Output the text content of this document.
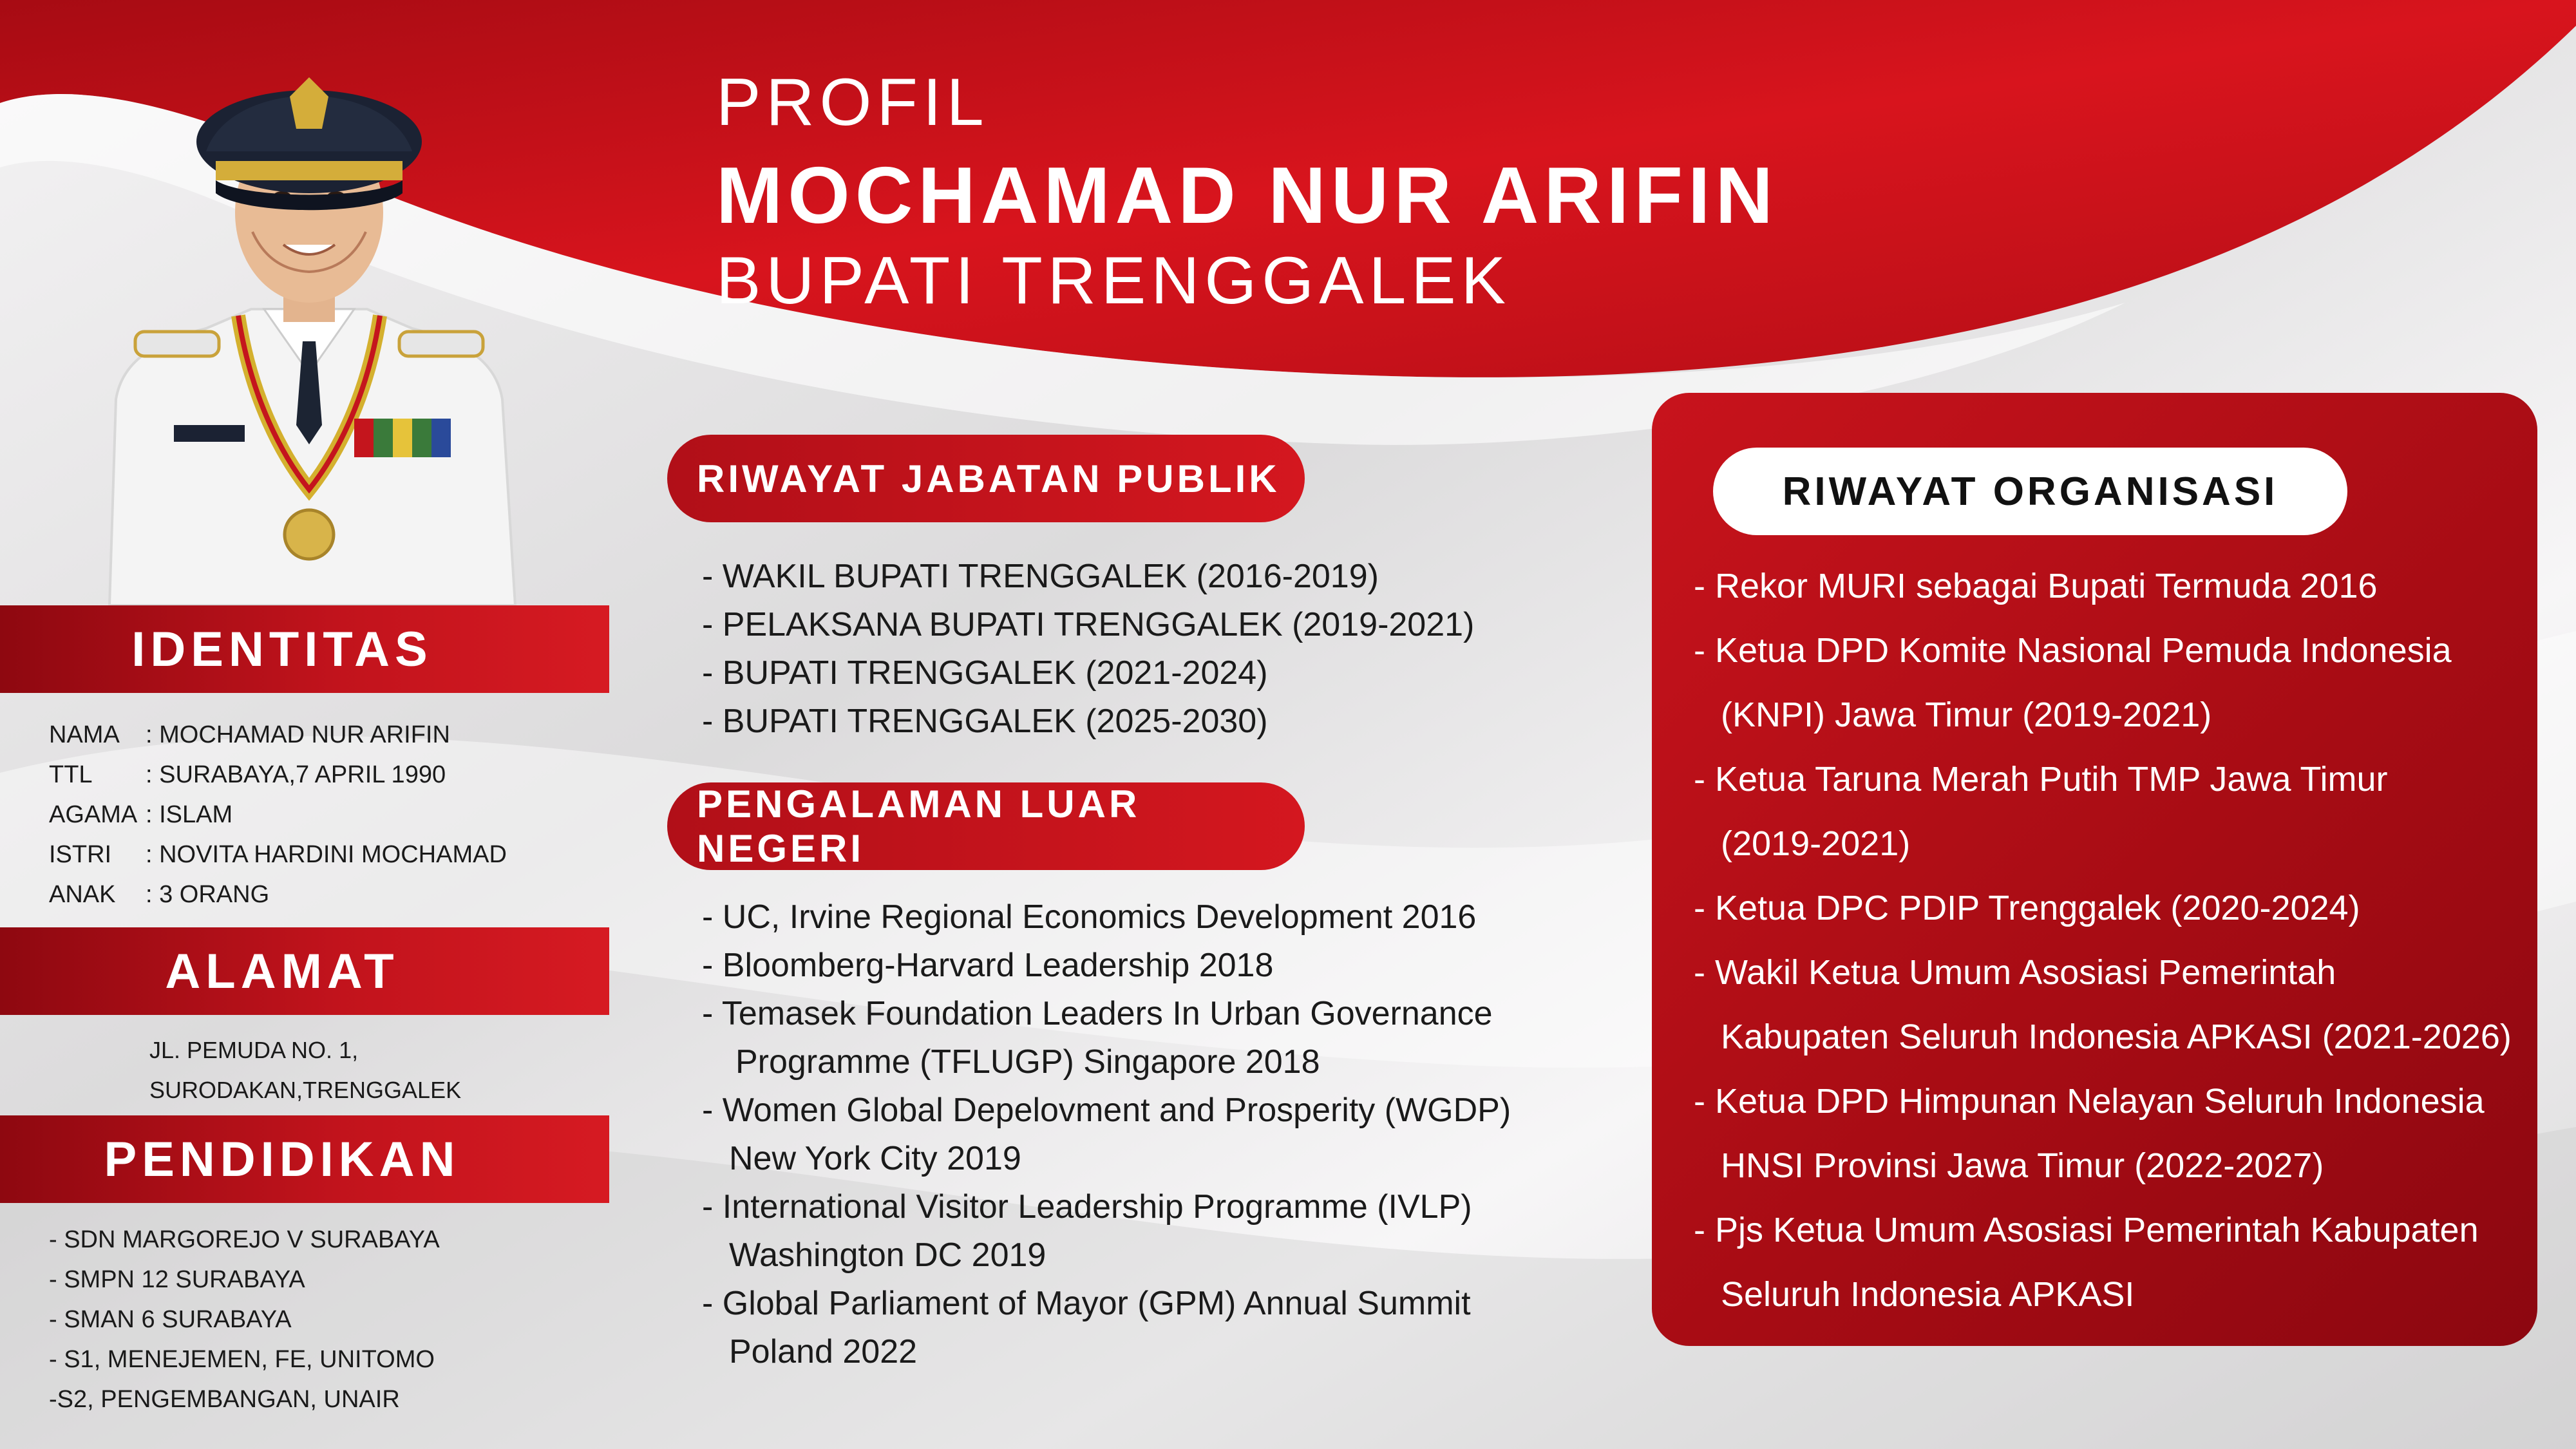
PROFIL
MOCHAMAD NUR ARIFIN
BUPATI TRENGGALEK
IDENTITAS
NAMA	: MOCHAMAD NUR ARIFIN
TTL	: SURABAYA,7 APRIL 1990
AGAMA : ISLAM
ISTRI	: NOVITA HARDINI MOCHAMAD
ANAK	: 3 ORANG
ALAMAT
JL. PEMUDA NO. 1,
SURODAKAN,TRENGGALEK
PENDIDIKAN
- SDN MARGOREJO V SURABAYA
- SMPN 12 SURABAYA
- SMAN 6 SURABAYA
- S1, MENEJEMEN, FE, UNITOMO
-S2, PENGEMBANGAN, UNAIR
RIWAYAT JABATAN PUBLIK
- WAKIL BUPATI TRENGGALEK (2016-2019)
- PELAKSANA BUPATI TRENGGALEK (2019-2021)
- BUPATI TRENGGALEK (2021-2024)
- BUPATI TRENGGALEK (2025-2030)
PENGALAMAN LUAR NEGERI
- UC, Irvine Regional Economics Development 2016
- Bloomberg-Harvard Leadership 2018
- Temasek Foundation Leaders In Urban Governance
Programme (TFLUGP) Singapore 2018
- Women Global Depelovment and Prosperity (WGDP)
New York City 2019
- International Visitor Leadership Programme (IVLP)
Washington DC 2019
- Global Parliament of Mayor (GPM) Annual Summit
Poland 2022
RIWAYAT ORGANISASI
- Rekor MURI sebagai Bupati Termuda 2016
- Ketua DPD Komite Nasional Pemuda Indonesia
(KNPI) Jawa Timur (2019-2021)
- Ketua Taruna Merah Putih TMP Jawa Timur
(2019-2021)
- Ketua DPC PDIP Trenggalek (2020-2024)
- Wakil Ketua Umum Asosiasi Pemerintah
Kabupaten Seluruh Indonesia APKASI (2021-2026)
- Ketua DPD Himpunan Nelayan Seluruh Indonesia
HNSI Provinsi Jawa Timur (2022-2027)
- Pjs Ketua Umum Asosiasi Pemerintah Kabupaten
Seluruh Indonesia APKASI
